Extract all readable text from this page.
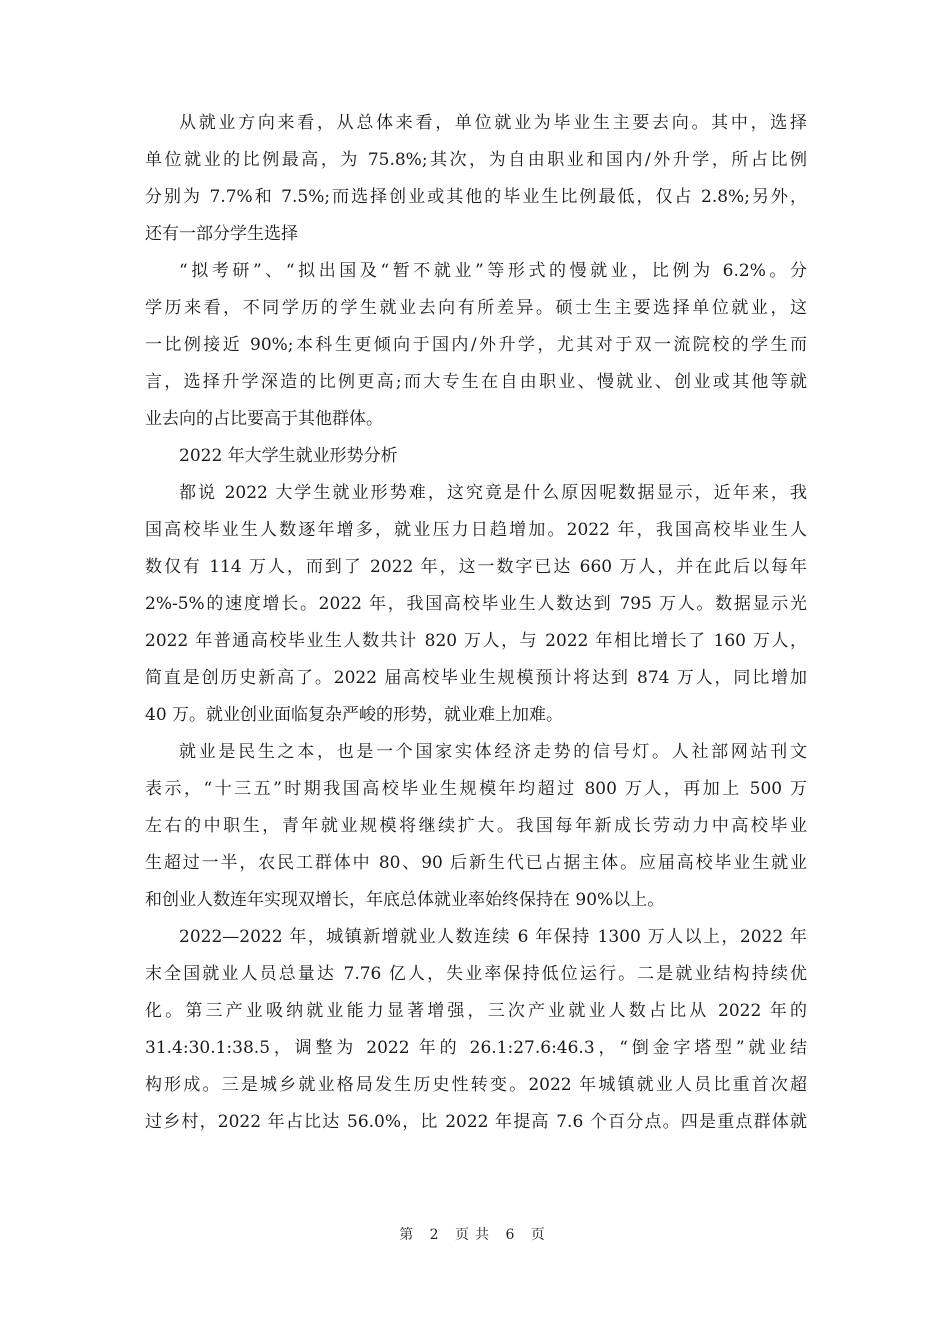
从就业方向来看，从总体来看，单位就业为毕业生主要去向。其中，选择
单位就业的比例最高，为 75.8%;其次，为自由职业和国内/外升学，所占比例
分别为 7.7%和 7.5%;而选择创业或其他的毕业生比例最低，仅占 2.8%;另外，
还有一部分学生选择
“拟考研”、“拟出国及“暂不就业”等形式的慢就业，比例为 6.2%。分
学历来看，不同学历的学生就业去向有所差异。硕士生主要选择单位就业，这
一比例接近 90%;本科生更倾向于国内/外升学，尤其对于双一流院校的学生而
言，选择升学深造的比例更高;而大专生在自由职业、慢就业、创业或其他等就
业去向的占比要高于其他群体。
2022 年大学生就业形势分析
都说 2022 大学生就业形势难，这究竟是什么原因呢数据显示，近年来，我
国高校毕业生人数逐年增多，就业压力日趋增加。2022 年，我国高校毕业生人
数仅有 114 万人，而到了 2022 年，这一数字已达 660 万人，并在此后以每年
2%-5%的速度增长。2022 年，我国高校毕业生人数达到 795 万人。数据显示光
2022 年普通高校毕业生人数共计 820 万人，与 2022 年相比增长了 160 万人，
简直是创历史新高了。2022 届高校毕业生规模预计将达到 874 万人，同比增加
40 万。就业创业面临复杂严峻的形势，就业难上加难。
就业是民生之本，也是一个国家实体经济走势的信号灯。人社部网站刊文
表示，“十三五”时期我国高校毕业生规模年均超过 800 万人，再加上 500 万
左右的中职生，青年就业规模将继续扩大。我国每年新成长劳动力中高校毕业
生超过一半，农民工群体中 80、90 后新生代已占据主体。应届高校毕业生就业
和创业人数连年实现双增长，年底总体就业率始终保持在 90%以上。
2022—2022 年，城镇新增就业人数连续 6 年保持 1300 万人以上，2022 年
末全国就业人员总量达 7.76 亿人，失业率保持低位运行。二是就业结构持续优
化。第三产业吸纳就业能力显著增强，三次产业就业人数占比从 2022 年的
31.4:30.1:38.5，调整为 2022 年的 26.1:27.6:46.3，“倒金字塔型”就业结
构形成。三是城乡就业格局发生历史性转变。2022 年城镇就业人员比重首次超
过乡村，2022 年占比达 56.0%，比 2022 年提高 7.6 个百分点。四是重点群体就
第 2 页共 6 页
